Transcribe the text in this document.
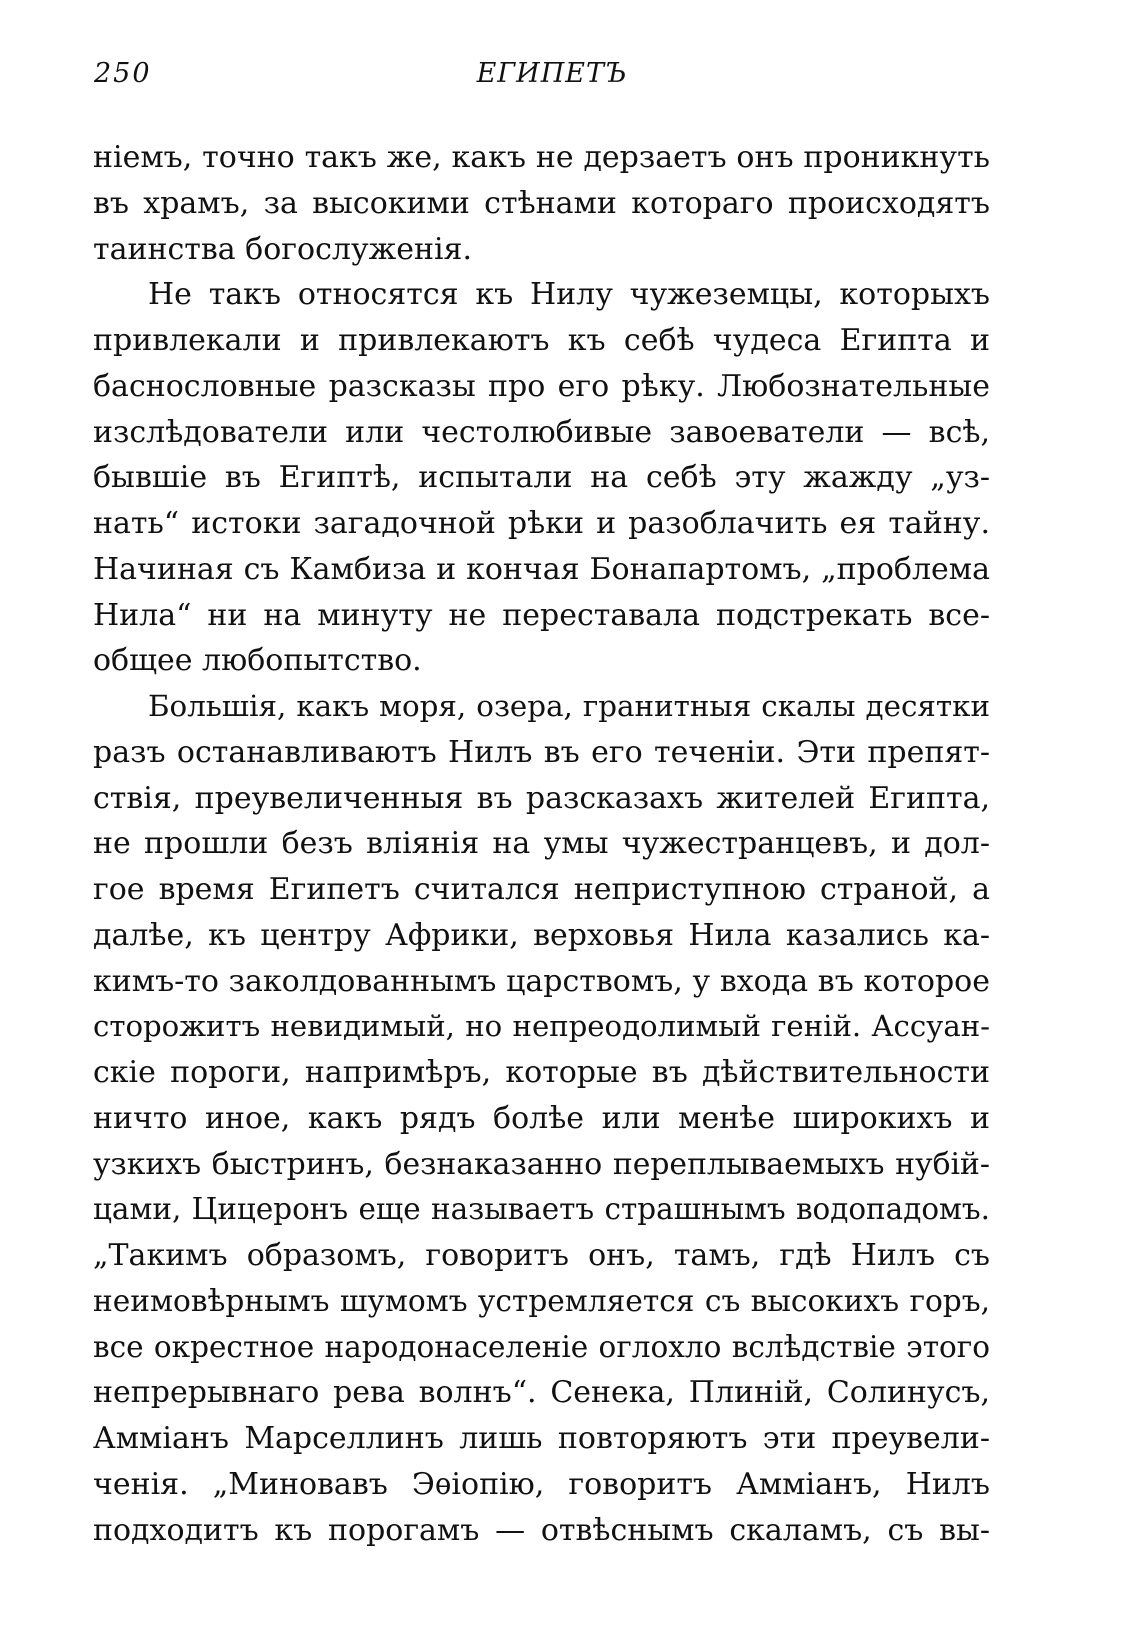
250	ЕГИПЕТЪ
ніемъ, точно такъ же, какъ не дерзаетъ онъ проникнуть
въ храмъ, за высокими стѣнами котораго происходятъ
таинства богослуженія.
Не такъ относятся къ Нилу чужеземцы, которыхъ
привлекали и привлекаютъ къ себѣ чудеса Египта и
баснословные разсказы про его рѣку. Любознательные
изслѣдователи или честолюбивые завоеватели — всѣ,
бывшіе въ Египтѣ, испытали на себѣ эту жажду „уз-
нать“ истоки загадочной рѣки и разоблачить ея тайну.
Начиная съ Камбиза и кончая Бонапартомъ, „проблема
Нила“ ни на минуту не переставала подстрекать все-
общее любопытство.
Большія, какъ моря, озера, гранитныя скалы десятки
разъ останавливаютъ Нилъ въ его теченіи. Эти препят-
ствія, преувеличенныя въ разсказахъ жителей Египта,
не прошли безъ вліянія на умы чужестранцевъ, и дол-
гое время Египетъ считался неприступною страной, а
далѣе, къ центру Африки, верховья Нила казались ка-
кимъ-то заколдованнымъ царствомъ, у входа въ которое
сторожитъ невидимый, но непреодолимый геній. Ассуан-
скіе пороги, напримѣръ, которые въ дѣйствительности
ничто иное, какъ рядъ болѣе или менѣе широкихъ и
узкихъ быстринъ, безнаказанно переплываемыхъ нубій-
цами, Цицеронъ еще называетъ страшнымъ водопадомъ.
„Такимъ образомъ, говоритъ онъ, тамъ, гдѣ Нилъ съ
неимовѣрнымъ шумомъ устремляется съ высокихъ горъ,
все окрестное народонаселеніе оглохло вслѣдствіе этого
непрерывнаго рева волнъ“. Сенека, Плиній, Солинусъ,
Амміанъ Марселлинъ лишь повторяютъ эти преувели-
ченія. „Миновавъ Эѳіопію, говоритъ Амміанъ, Нилъ
подходитъ къ порогамъ — отвѣснымъ скаламъ, съ вы-
